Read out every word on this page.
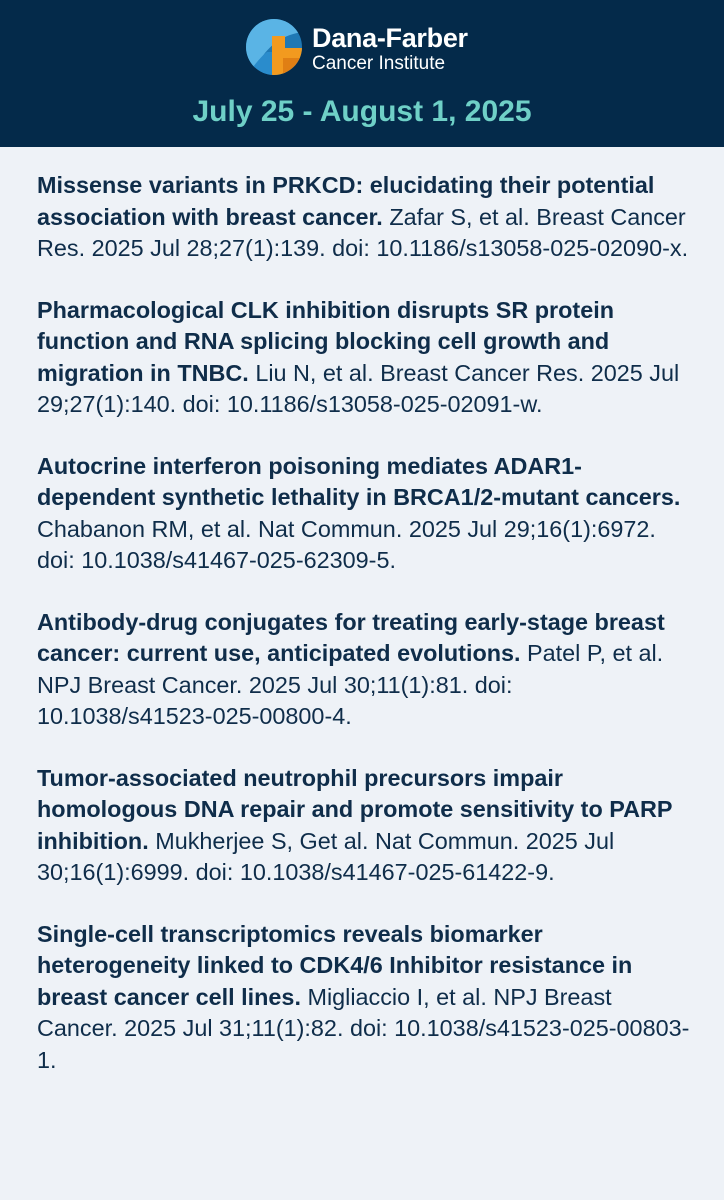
Dana-Farber
Cancer Institute
July 25 - August 1, 2025

Missense variants in PRKCD: elucidating their potential association with breast cancer. Zafar S, et al. Breast Cancer Res. 2025 Jul 28;27(1):139. doi: 10.1186/s13058-025-02090-x.

Pharmacological CLK inhibition disrupts SR protein function and RNA splicing blocking cell growth and migration in TNBC. Liu N, et al. Breast Cancer Res. 2025 Jul 29;27(1):140. doi: 10.1186/s13058-025-02091-w.

Autocrine interferon poisoning mediates ADAR1-dependent synthetic lethality in BRCA1/2-mutant cancers. Chabanon RM, et al. Nat Commun. 2025 Jul 29;16(1):6972. doi: 10.1038/s41467-025-62309-5.

Antibody-drug conjugates for treating early-stage breast cancer: current use, anticipated evolutions. Patel P, et al. NPJ Breast Cancer. 2025 Jul 30;11(1):81. doi: 10.1038/s41523-025-00800-4.

Tumor-associated neutrophil precursors impair homologous DNA repair and promote sensitivity to PARP inhibition. Mukherjee S, Get al. Nat Commun. 2025 Jul 30;16(1):6999. doi: 10.1038/s41467-025-61422-9.

Single-cell transcriptomics reveals biomarker heterogeneity linked to CDK4/6 Inhibitor resistance in breast cancer cell lines. Migliaccio I, et al. NPJ Breast Cancer. 2025 Jul 31;11(1):82. doi: 10.1038/s41523-025-00803-1.
